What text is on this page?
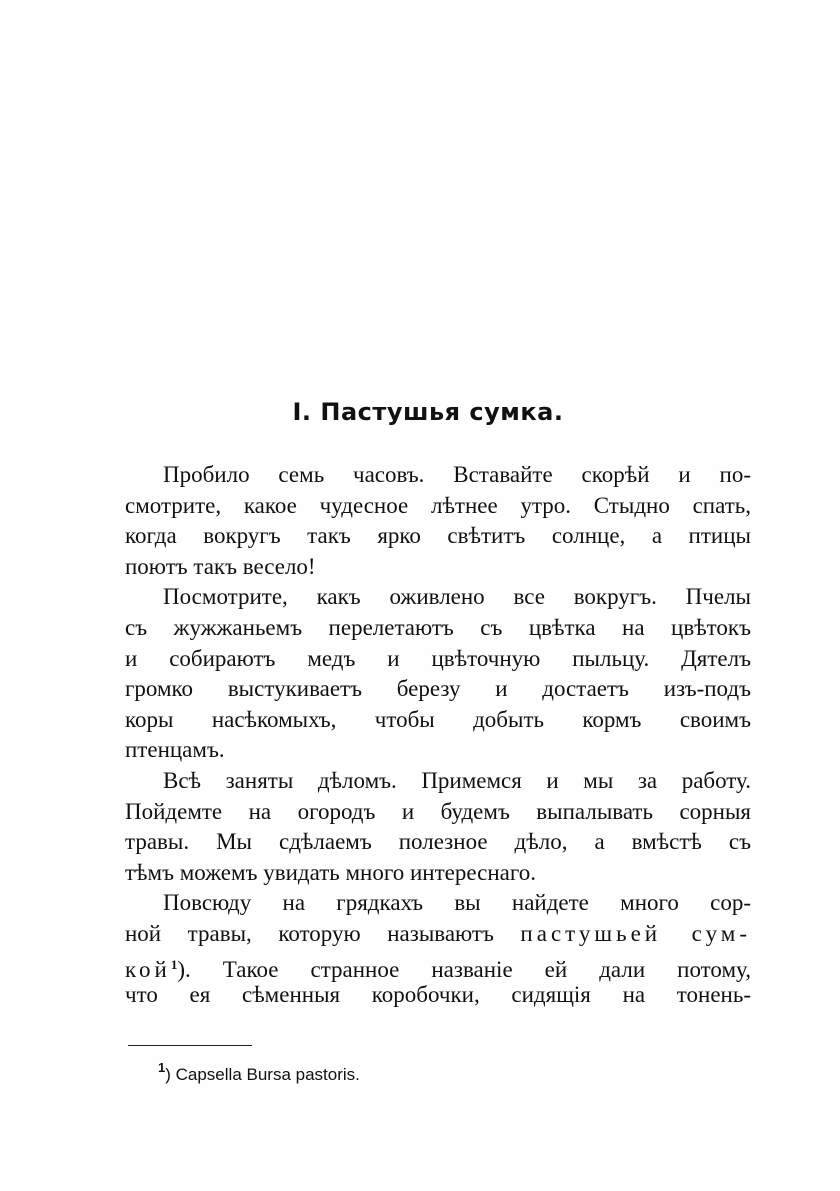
I. Пастушья сумка.

Пробило семь часовъ. Вставайте скорѣй и по-
смотрите, какое чудесное лѣтнее утро. Стыдно спать,
когда вокругъ такъ ярко свѣтитъ солнце, а птицы
поютъ такъ весело!

Посмотрите, какъ оживлено все вокругъ. Пчелы
съ жужжаньемъ перелетаютъ съ цвѣтка на цвѣтокъ
и собираютъ медъ и цвѣточную пыльцу. Дятелъ
громко выстукиваетъ березу и достаетъ изъ-подъ
коры насѣкомыхъ, чтобы добыть кормъ своимъ
птенцамъ.

Всѣ заняты дѣломъ. Примемся и мы за работу.
Пойдемте на огородъ и будемъ выпалывать сорныя
травы. Мы сдѣлаемъ полезное дѣло, а вмѣстѣ съ
тѣмъ можемъ увидать много интереснаго.

Повсюду на грядкахъ вы найдете много сор-
ной травы, которую называютъ пастушьей сум-
кой$^1$). Такое странное названіе ей дали потому,
что ея сѣменныя коробочки, сидящія на тонень-

$^1$) Capsella Bursa pastoris.
